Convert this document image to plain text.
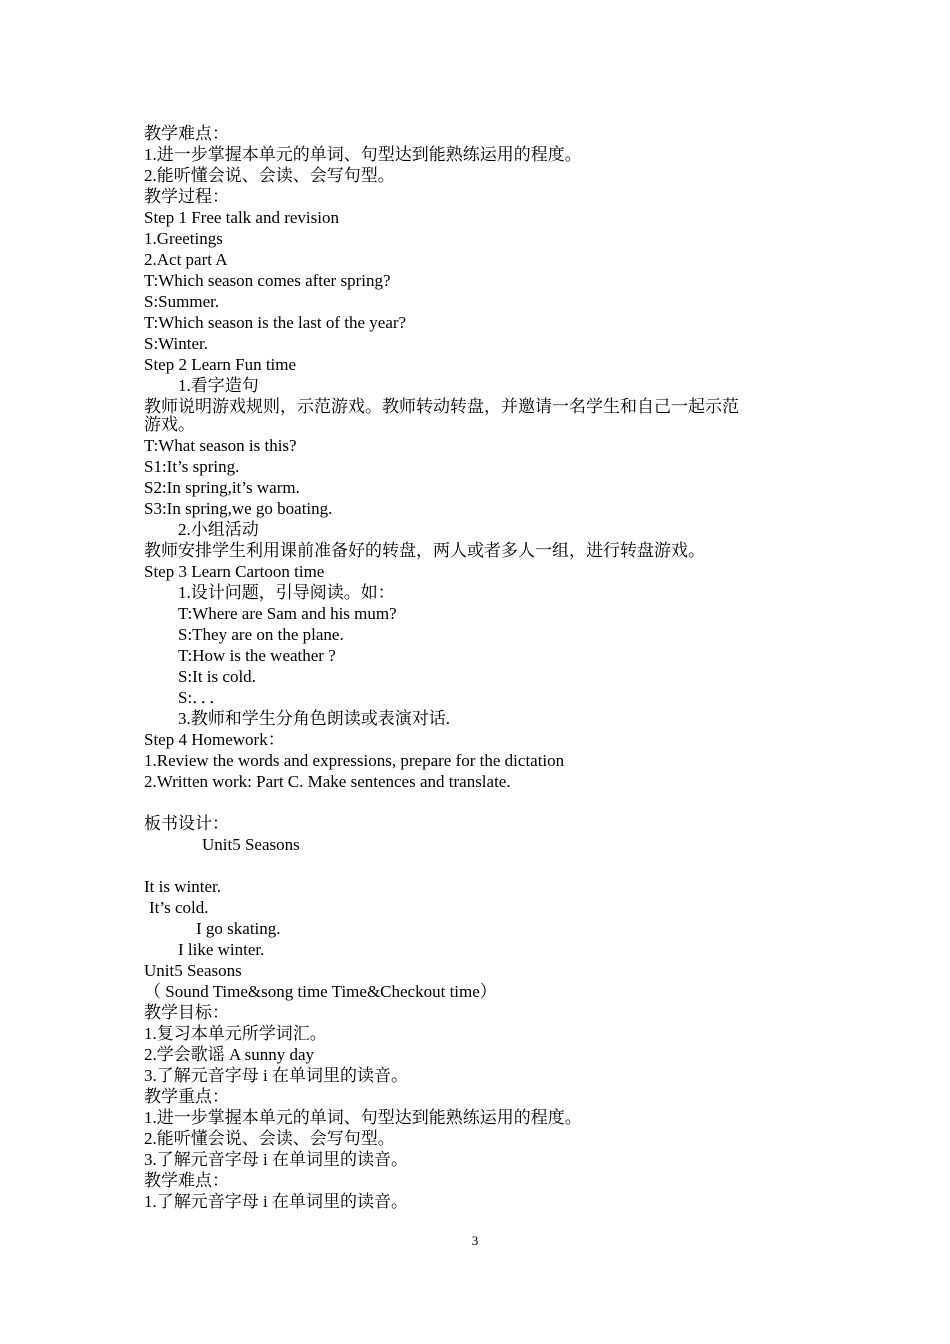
教学难点：
1.进一步掌握本单元的单词、句型达到能熟练运用的程度。
2.能听懂会说、会读、会写句型。
教学过程：
Step 1 Free talk and revision
1.Greetings
2.Act part A
T:Which season comes after spring?
S:Summer.
T:Which season is the last of the year?
S:Winter.
Step 2 Learn Fun time
1.看字造句
教师说明游戏规则，示范游戏。教师转动转盘，并邀请一名学生和自己一起示范
游戏。
T:What season is this?
S1:It’s spring.
S2:In spring,it’s warm.
S3:In spring,we go boating.
2.小组活动
教师安排学生利用课前准备好的转盘，两人或者多人一组，进行转盘游戏。
Step 3 Learn Cartoon time
1.设计问题，引导阅读。如：
T:Where are Sam and his mum?
S:They are on the plane.
T:How is the weather ?
S:It is cold.
S:．．．
3.教师和学生分角色朗读或表演对话.
Step 4 Homework：
1.Review the words and expressions, prepare for the dictation
2.Written work: Part C. Make sentences and translate.
板书设计：
Unit5 Seasons
It is winter.
It’s cold.
I go skating.
I like winter.
Unit5 Seasons
（ Sound Time&song time Time&Checkout time）
教学目标：
1.复习本单元所学词汇。
2.学会歌谣 A sunny day
3.了解元音字母 i 在单词里的读音。
教学重点：
1.进一步掌握本单元的单词、句型达到能熟练运用的程度。
2.能听懂会说、会读、会写句型。
3.了解元音字母 i 在单词里的读音。
教学难点：
1.了解元音字母 i 在单词里的读音。
3
